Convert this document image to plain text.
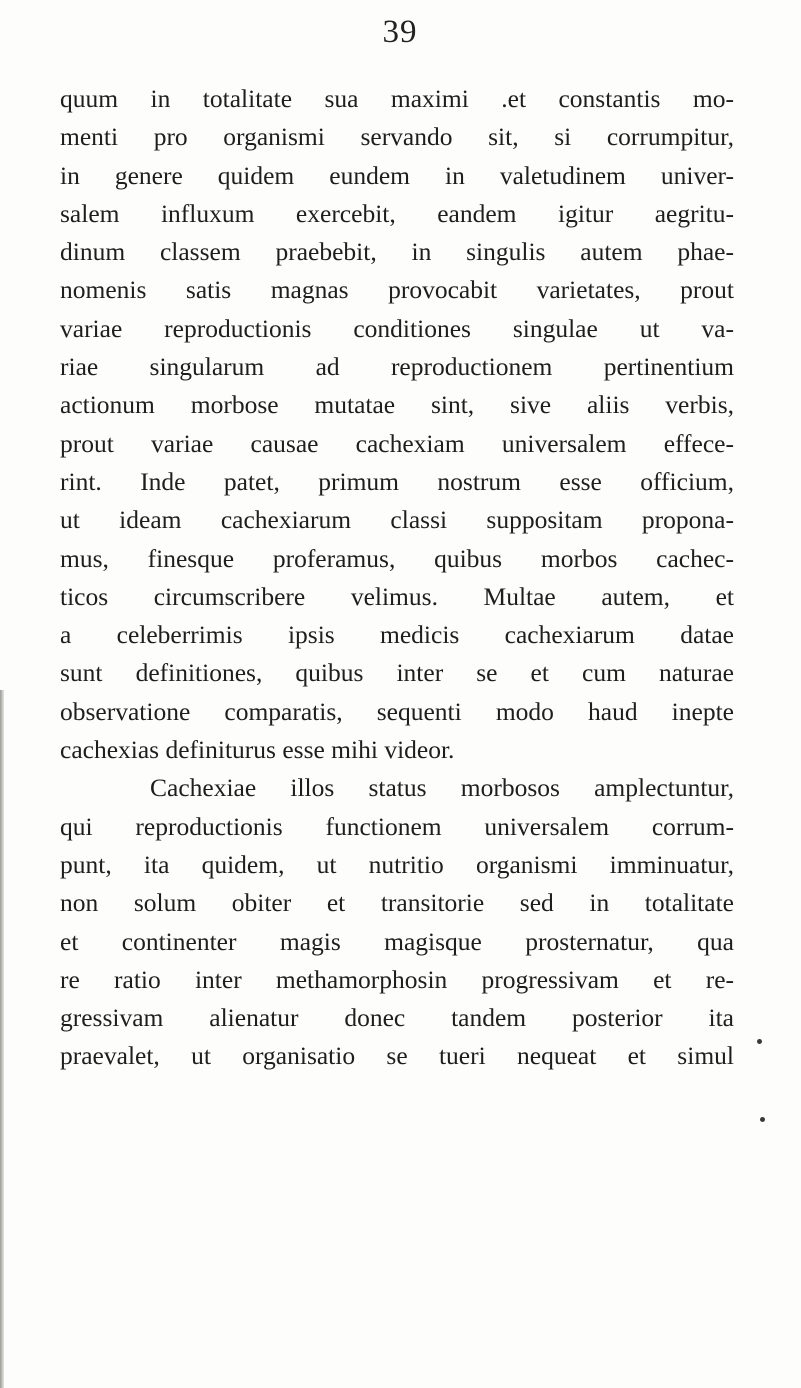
39
quum in totalitate sua maximi .et constantis mo-
menti pro organismi servando sit, si corrumpitur,
in genere quidem eundem in valetudinem univer-
salem influxum exercebit, eandem igitur aegritu-
dinum classem praebebit, in singulis autem phae-
nomenis satis magnas provocabit varietates, prout
variae reproductionis conditiones singulae ut va-
riae singularum ad reproductionem pertinentium
actionum morbose mutatae sint, sive aliis verbis,
prout variae causae cachexiam universalem effece-
rint. Inde patet, primum nostrum esse officium,
ut ideam cachexiarum classi suppositam propona-
mus, finesque proferamus, quibus morbos cachec-
ticos circumscribere velimus. Multae autem, et
a celeberrimis ipsis medicis cachexiarum datae
sunt definitiones, quibus inter se et cum naturae
observatione comparatis, sequenti modo haud inepte
cachexias definiturus esse mihi videor.
Cachexiae illos status morbosos amplectuntur,
qui reproductionis functionem universalem corrum-
punt, ita quidem, ut nutritio organismi imminuatur,
non solum obiter et transitorie sed in totalitate
et continenter magis magisque prosternatur, qua
re ratio inter methamorphosin progressivam et re-
gressivam alienatur donec tandem posterior ita
praevalet, ut organisatio se tueri nequeat et simul
